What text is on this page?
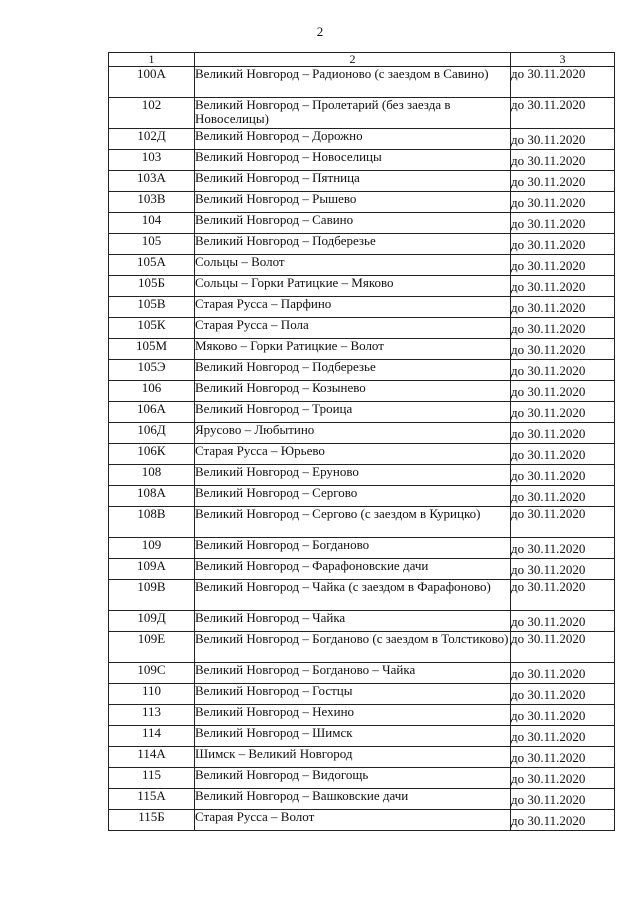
2
1	2	3
100А	Великий Новгород – Радионово (с заездом в Савино)	до 30.11.2020
102	Великий Новгород – Пролетарий (без заезда в Новоселицы)	до 30.11.2020
102Д	Великий Новгород – Дорожно	до 30.11.2020
103	Великий Новгород – Новоселицы	до 30.11.2020
103А	Великий Новгород – Пятница	до 30.11.2020
103В	Великий Новгород – Рышево	до 30.11.2020
104	Великий Новгород – Савино	до 30.11.2020
105	Великий Новгород – Подберезье	до 30.11.2020
105А	Сольцы – Волот	до 30.11.2020
105Б	Сольцы – Горки Ратицкие – Мяково	до 30.11.2020
105В	Старая Русса – Парфино	до 30.11.2020
105К	Старая Русса – Пола	до 30.11.2020
105М	Мяково – Горки Ратицкие – Волот	до 30.11.2020
105Э	Великий Новгород – Подберезье	до 30.11.2020
106	Великий Новгород – Козынево	до 30.11.2020
106А	Великий Новгород – Троица	до 30.11.2020
106Д	Ярусово – Любытино	до 30.11.2020
106К	Старая Русса – Юрьево	до 30.11.2020
108	Великий Новгород – Еруново	до 30.11.2020
108А	Великий Новгород – Сергово	до 30.11.2020
108В	Великий Новгород – Сергово (с заездом в Курицко)	до 30.11.2020
109	Великий Новгород – Богданово	до 30.11.2020
109А	Великий Новгород – Фарафоновские дачи	до 30.11.2020
109В	Великий Новгород – Чайка (с заездом в Фарафоново)	до 30.11.2020
109Д	Великий Новгород – Чайка	до 30.11.2020
109Е	Великий Новгород – Богданово (с заездом в Толстиково)	до 30.11.2020
109С	Великий Новгород – Богданово – Чайка	до 30.11.2020
110	Великий Новгород – Гостцы	до 30.11.2020
113	Великий Новгород – Нехино	до 30.11.2020
114	Великий Новгород – Шимск	до 30.11.2020
114А	Шимск – Великий Новгород	до 30.11.2020
115	Великий Новгород – Видогощь	до 30.11.2020
115А	Великий Новгород – Вашковские дачи	до 30.11.2020
115Б	Старая Русса – Волот	до 30.11.2020
